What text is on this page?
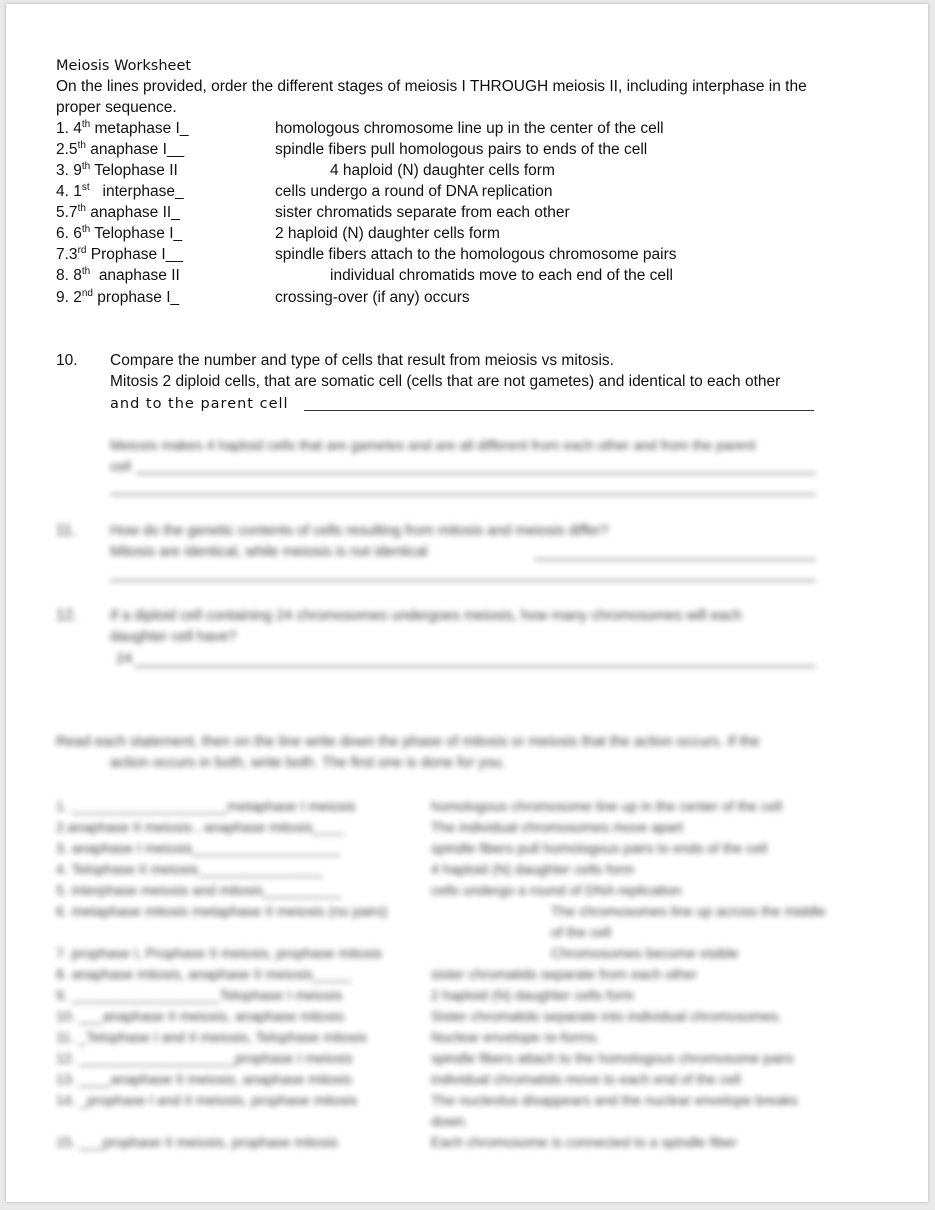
Meiosis Worksheet
On the lines provided, order the different stages of meiosis I THROUGH meiosis II, including interphase in the
proper sequence.
1. 4th metaphase I_	homologous chromosome line up in the center of the cell
2.5th anaphase I__	spindle fibers pull homologous pairs to ends of the cell
3. 9th Telophase II	4 haploid (N) daughter cells form
4. 1st   interphase_	cells undergo a round of DNA replication
5.7th anaphase II_	sister chromatids separate from each other
6. 6th Telophase I_	2 haploid (N) daughter cells form
7.3rd Prophase I__	spindle fibers attach to the homologous chromosome pairs
8. 8th  anaphase II	individual chromatids move to each end of the cell
9. 2nd prophase I_	crossing-over (if any) occurs
10. Compare the number and type of cells that result from meiosis vs mitosis.
Mitosis 2 diploid cells, that are somatic cell (cells that are not gametes) and identical to each other
and to the parent cell
Meiosis makes 4 haploid cells that are gametes and are all different from each other and from the parent
cell
11. How do the genetic contents of cells resulting from mitosis and meiosis differ?
Mitosis are identical, while meiosis is not identical
12. If a diploid cell containing 24 chromosomes undergoes meiosis, how many chromosomes will each
daughter cell have?
24
Read each statement, then on the line write down the phase of mitosis or meiosis that the action occurs. If the
action occurs in both, write both. The first one is done for you.
1. ____________________metaphase I meiosis	homologous chromosome line up in the center of the cell
2.anaphase II meiosis , anaphase mitosis____	The individual chromosomes move apart
3. anaphase I meiosis___________________	spindle fibers pull homologous pairs to ends of the cell
4. Telophase II meiosis________________	4 haploid (N) daughter cells form
5. interphase meiosis and mitosis__________	cells undergo a round of DNA replication
6. metaphase mitosis metaphase II meiosis (no pairs)	The chromosomes line up across the middle
of the cell
7. prophase I, Prophase II meiosis, prophase mitosis	Chromosomes become visible
8. anaphase mitosis, anaphase II meiosis_____	sister chromatids separate from each other
9. ___________________Telophase I meiosis	2 haploid (N) daughter cells form
10. ___anaphase II meiosis, anaphase mitosis	Sister chromatids separate into individual chromosomes.
11. _Telophase I and II meiosis, Telophase mitosis	Nuclear envelope re-forms.
12. ____________________prophase I meiosis	spindle fibers attach to the homologous chromosome pairs
13. ____anaphase II meiosis, anaphase mitosis	individual chromatids move to each end of the cell
14. _prophase I and II meiosis, prophase mitosis	The nucleolus disappears and the nuclear envelope breaks
down.
15. ___prophase II meiosis, prophase mitosis	Each chromosome is connected to a spindle fiber
